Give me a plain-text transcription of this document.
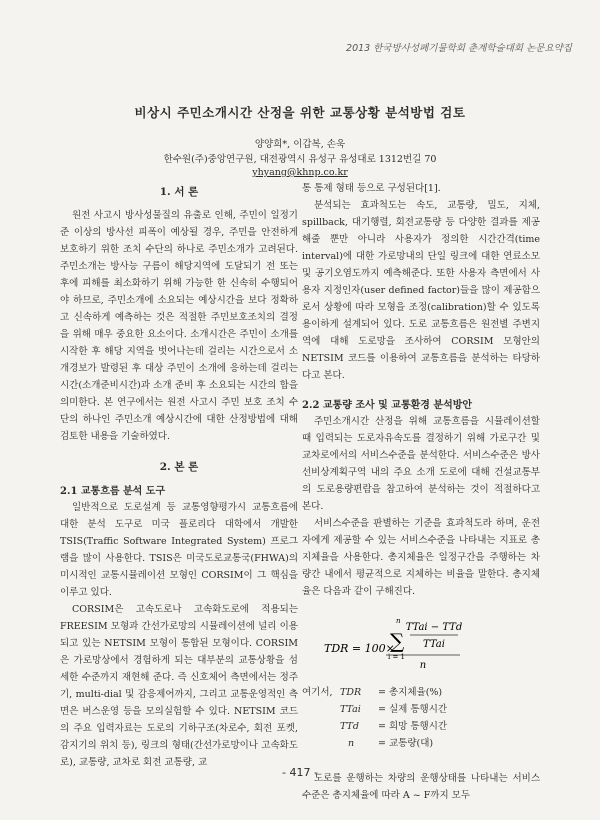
2013 한국방사성폐기물학회 춘계학술대회 논문요약집
비상시 주민소개시간 산정을 위한 교통상황 분석방법 검토
양양희*, 이갑복, 손욱
한수원(주)중앙연구원, 대전광역시 유성구 유성대로 1312번길 70
yhyang@khnp.co.kr
1. 서 론

원전 사고시 방사성물질의 유출로 인해, 주민이 일정기준 이상의 방사선 피폭이 예상될 경우, 주민을 안전하게 보호하기 위한 조치 수단의 하나로 주민소개가 고려된다. 주민소개는 방사능 구름이 해당지역에 도달되기 전 또는 후에 피해를 최소화하기 위해 가능한 한 신속히 수행되어야 하므로, 주민소개에 소요되는 예상시간을 보다 정확하고 신속하게 예측하는 것은 적절한 주민보호조치의 결정을 위해 매우 중요한 요소이다. 소개시간은 주민이 소개를 시작한 후 해당 지역을 벗어나는데 걸리는 시간으로서 소개경보가 발령된 후 대상 주민이 소개에 응하는데 걸리는 시간(소개준비시간)과 소개 준비 후 소요되는 시간의 합을 의미한다. 본 연구에서는 원전 사고시 주민 보호 조치 수단의 하나인 주민소개 예상시간에 대한 산정방법에 대해 검토한 내용을 기술하였다.

2. 본 론
2.1 교통흐름 분석 도구

일반적으로 도로설계 등 교통영향평가시 교통흐름에 대한 분석 도구로 미국 플로리다 대학에서 개발한 TSIS(Traffic Software Integrated System) 프로그램을 많이 사용한다. TSIS은 미국도로교통국(FHWA)의 미시적인 교통시뮬레이션 모형인 CORSIM이 그 핵심을 이루고 있다.

CORSIM은 고속도로나 고속화도로에 적용되는 FREESIM 모형과 간선가로망의 시뮬레이션에 널리 이용되고 있는 NETSIM 모형이 통합된 모형이다. CORSIM은 가로망상에서 경험하게 되는 대부분의 교통상황을 섬세한 수준까지 재현해 준다. 즉 신호체어 측면에서는 정주기, multi-dial 및 감응제어까지, 그리고 교통운영적인 측면은 버스운영 등을 모의실험할 수 있다. NETSIM 코드의 주요 입력자료는 도로의 기하구조(차로수, 회전 포켓, 감지기의 위치 등), 링크의 형태(간선가로망이나 고속화도로), 교통량, 교차로 회전 교통량, 교

통 통제 형태 등으로 구성된다[1].

분석되는 효과척도는 속도, 교통량, 밀도, 지체, spillback, 대기행렬, 회전교통량 등 다양한 결과를 제공해줄 뿐만 아니라 사용자가 정의한 시간간격(time interval)에 대한 가로망내의 단일 링크에 대한 연료소모 및 공기오염도까지 예측해준다. 또한 사용자 측면에서 사용자 지정인자(user defined factor)들을 많이 제공함으로서 상황에 따라 모형을 조정(calibration)할 수 있도록 용이하게 설계되어 있다. 도로 교통흐름은 원전별 주변지역에 대해 도로망을 조사하여 CORSIM 모형안의 NETSIM 코드를 이용하여 교통흐름을 분석하는 타당하다고 본다.

2.2 교통량 조사 및 교통환경 분석방안

주민소개시간 산정을 위해 교통흐름을 시뮬레이션할 때 입력되는 도로자유속도를 결정하기 위해 가로구간 및 교차로에서의 서비스수준을 분석한다. 서비스수준은 방사선비상계획구역 내의 주요 소개 도로에 대해 건설교통부의 도로용량편람을 참고하여 분석하는 것이 적절하다고 본다.

서비스수준을 판별하는 기준을 효과척도라 하며, 운전자에게 제공할 수 있는 서비스수준을 나타내는 지표로 총지체율을 사용한다. 총지체율은 일정구간을 주행하는 차량간 내에서 평균적으로 지체하는 비율을 말한다. 총지체율은 다음과 같이 구해진다.

TDR = 100×
n
∑
i = 1
TTai − TTd
TTai
n
여기서, TDR	= 총지체율(%)
TTai	= 실제 통행시간
TTd	= 희망 통행시간
n	= 교통량(대)

도로를 운행하는 차량의 운행상태를 나타내는 서비스수준은 총지체율에 따라 A ~ F까지 모두

- 417 -
